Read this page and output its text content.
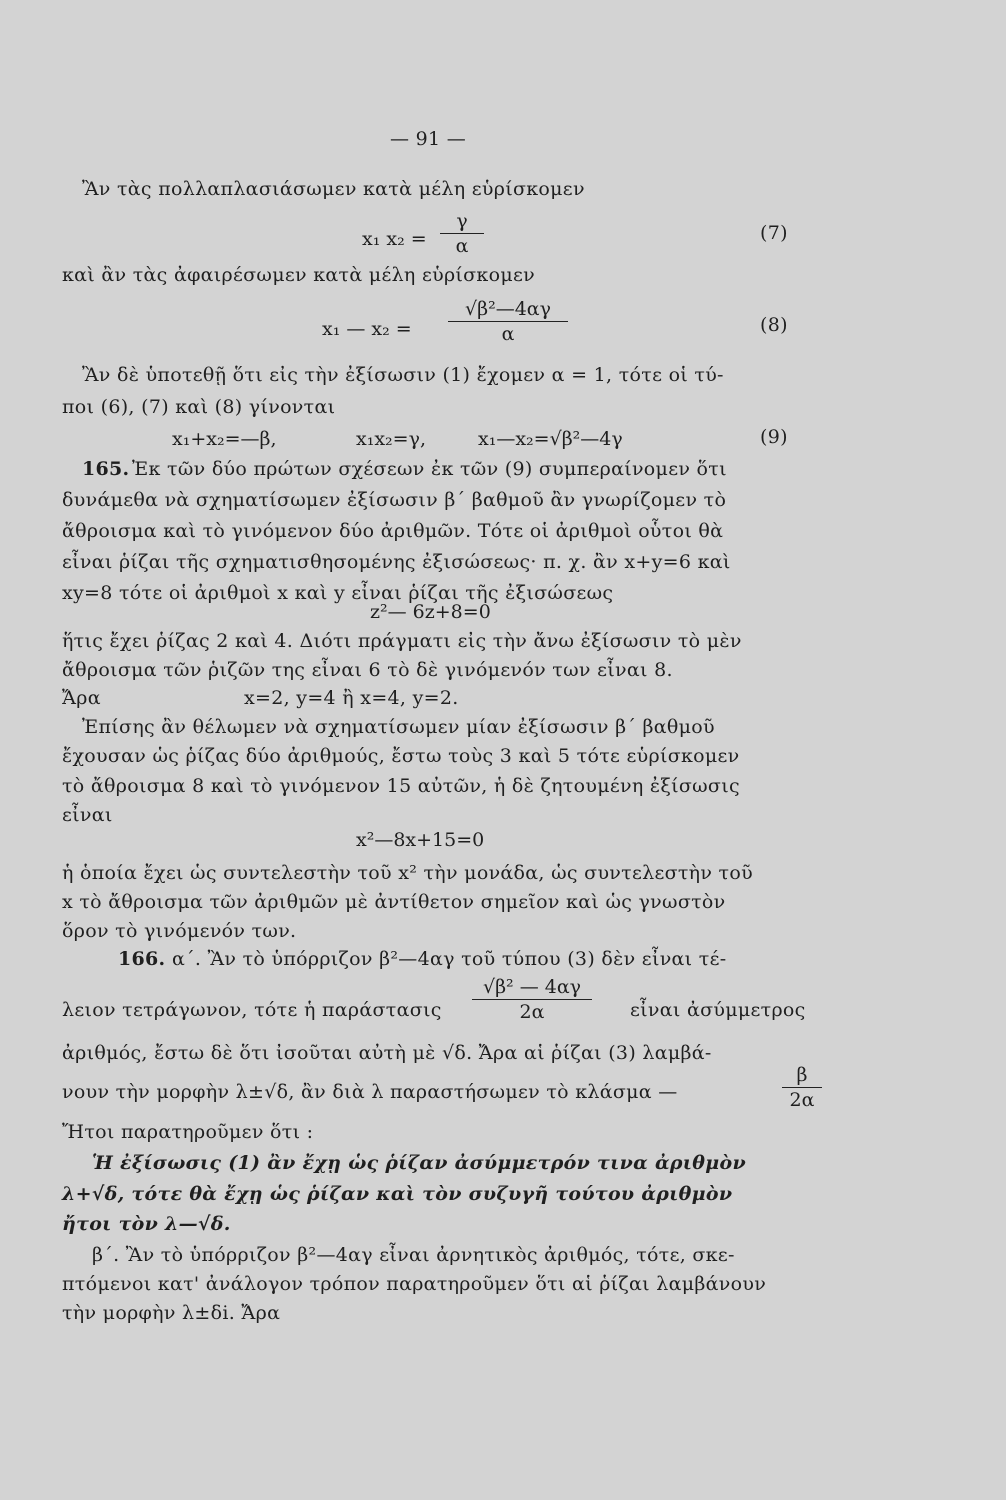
— 91 —
Ἂν τὰς πολλαπλασιάσωμεν κατὰ μέλη εὑρίσκομεν
x₁ $x_2 = \frac{\gamma}{\alpha}$	(7)
καὶ ἂν τὰς ἀφαιρέσωμεν κατὰ μέλη εὑρίσκομεν
x₁ — $x_2 = \frac{\text{√β²—4αγ}}{\alpha}$	(8)
Ἂν δὲ ὑποτεθῇ ὅτι εἰς τὴν ἐξίσωσιν (1) ἔχομεν α = 1, τότε οἱ τύ-
ποι (6), (7) καὶ (8) γίνονται
x₁+x₂=—β,	x₁x₂=γ,	x₁—x₂=√β²—4γ	(9)
165. Ἐκ τῶν δύο πρώτων σχέσεων ἐκ τῶν (9) συμπεραίνομεν ὅτι
δυνάμεθα νὰ σχηματίσωμεν ἐξίσωσιν β΄ βαθμοῦ ἂν γνωρίζομεν τὸ
ἄθροισμα καὶ τὸ γινόμενον δύο ἀριθμῶν. Τότε οἱ ἀριθμοὶ οὗτοι θὰ
εἶναι ῥίζαι τῆς σχηματισθησομένης ἐξισώσεως· π. χ. ἂν x+y=6 καὶ
xy=8 τότε οἱ ἀριθμοὶ x καὶ y εἶναι ῥίζαι τῆς ἐξισώσεως
z²— 6z+8=0
ἥτις ἔχει ῥίζας 2 καὶ 4. Διότι πράγματι εἰς τὴν ἄνω ἐξίσωσιν τὸ μὲν
ἄθροισμα τῶν ῥιζῶν της εἶναι 6 τὸ δὲ γινόμενόν των εἶναι 8.
Ἄρα	x=2, y=4 ἢ x=4, y=2.
Ἐπίσης ἂν θέλωμεν νὰ σχηματίσωμεν μίαν ἐξίσωσιν β΄ βαθμοῦ
ἔχουσαν ὡς ῥίζας δύο ἀριθμούς, ἔστω τοὺς 3 καὶ 5 τότε εὑρίσκομεν
τὸ ἄθροισμα 8 καὶ τὸ γινόμενον 15 αὐτῶν, ἡ δὲ ζητουμένη ἐξίσωσις
εἶναι
x²—8x+15=0
ἡ ὁποία ἔχει ὡς συντελεστὴν τοῦ x² τὴν μονάδα, ὡς συντελεστὴν τοῦ
x τὸ ἄθροισμα τῶν ἀριθμῶν μὲ ἀντίθετον σημεῖον καὶ ὡς γνωστὸν
ὅρον τὸ γινόμενόν των.
166. α΄. Ἂν τὸ ὑπόρριζον β²—4αγ τοῦ τύπου (3) δὲν εἶναι τέ-
λειον τετράγωνον, τότε ἡ παράστασις $\frac{\text{√β² — 4αγ}}{2\alpha}$ εἶναι ἀσύμμετρος
ἀριθμός, ἔστω δὲ ὅτι ἰσοῦται αὐτὴ μὲ √δ. Ἄρα αἱ ῥίζαι (3) λαμβά-
νουν τὴν μορφὴν λ±√δ, ἂν διὰ λ παραστήσωμεν τὸ κλάσμα —	$\frac{\beta}{2\alpha}$
Ἤτοι παρατηροῦμεν ὅτι :
Ἡ ἐξίσωσις (1) ἂν ἔχῃ ὡς ῥίζαν ἀσύμμετρόν τινα ἀριθμὸν
λ+√δ, τότε θὰ ἔχῃ ὡς ῥίζαν καὶ τὸν συζυγῆ τούτου ἀριθμὸν
ἤτοι τὸν λ—√δ.
β΄. Ἂν τὸ ὑπόρριζον β²—4αγ εἶναι ἀρνητικὸς ἀριθμός, τότε, σκε-
πτόμενοι κατ' ἀνάλογον τρόπον παρατηροῦμεν ὅτι αἱ ῥίζαι λαμβάνουν
τὴν μορφὴν λ±δi. Ἄρα
